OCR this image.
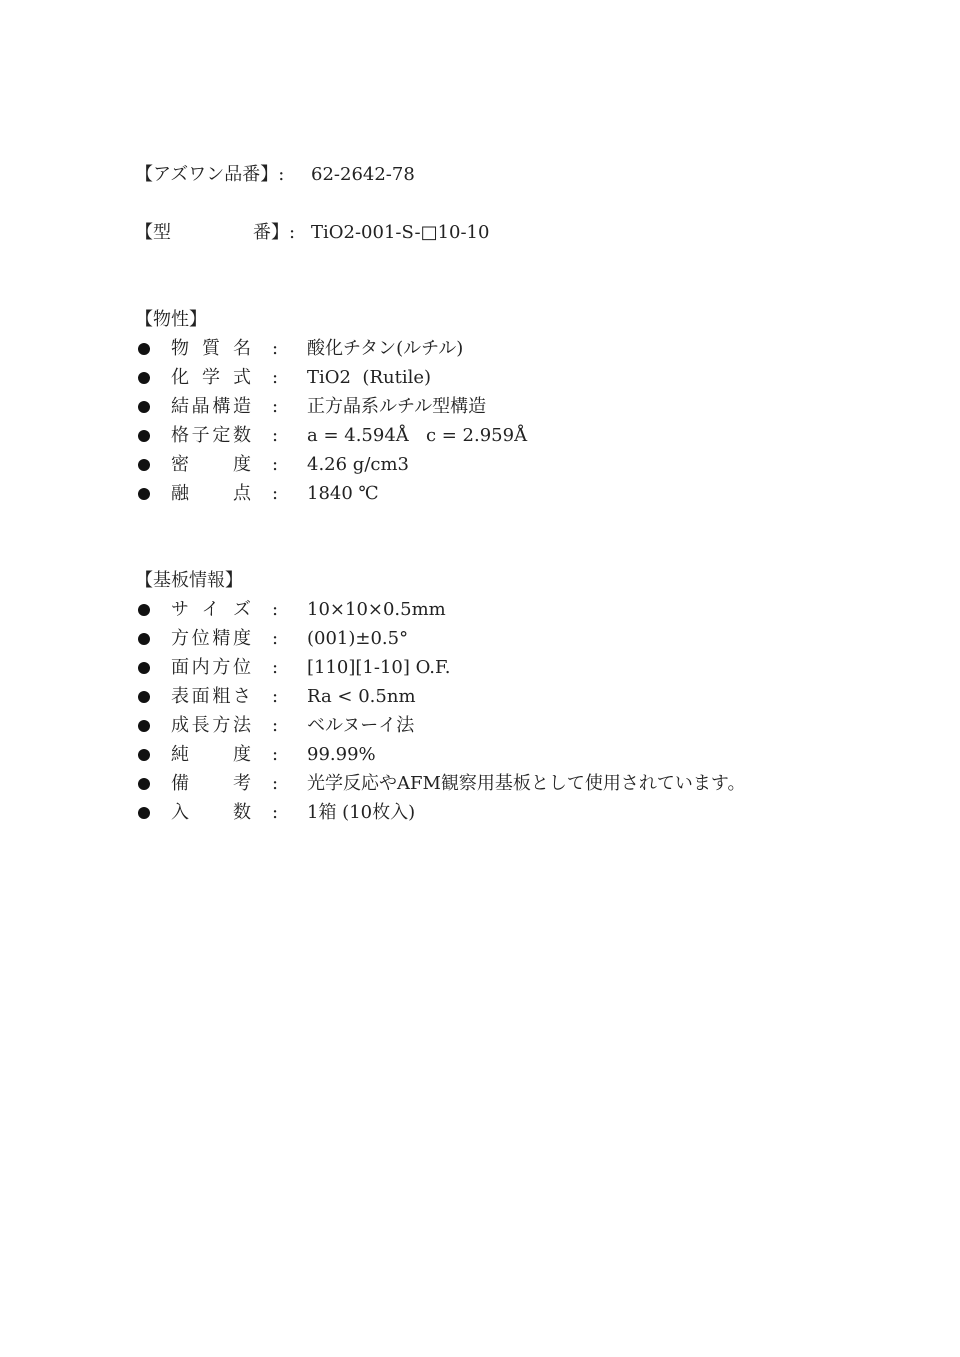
【アズワン品番】: 62-2642-78
【型	番】: TiO2-001-S-□10-10
【物性】
物質名 : 酸化チタン(ルチル)
化学式 : TiO2  (Rutile)
結晶構造 : 正方晶系ルチル型構造
格子定数 : a = 4.594Å   c = 2.959Å
密度 : 4.26 g/cm3
融点 : 1840 ℃
【基板情報】
サイズ : 10×10×0.5mm
方位精度 : (001)±0.5°
面内方位 : [110][1-10] O.F.
表面粗さ : Ra < 0.5nm
成長方法 : ベルヌーイ法
純度 : 99.99%
備考 : 光学反応やAFM観察用基板として使用されています。
入数 : 1箱 (10枚入)
